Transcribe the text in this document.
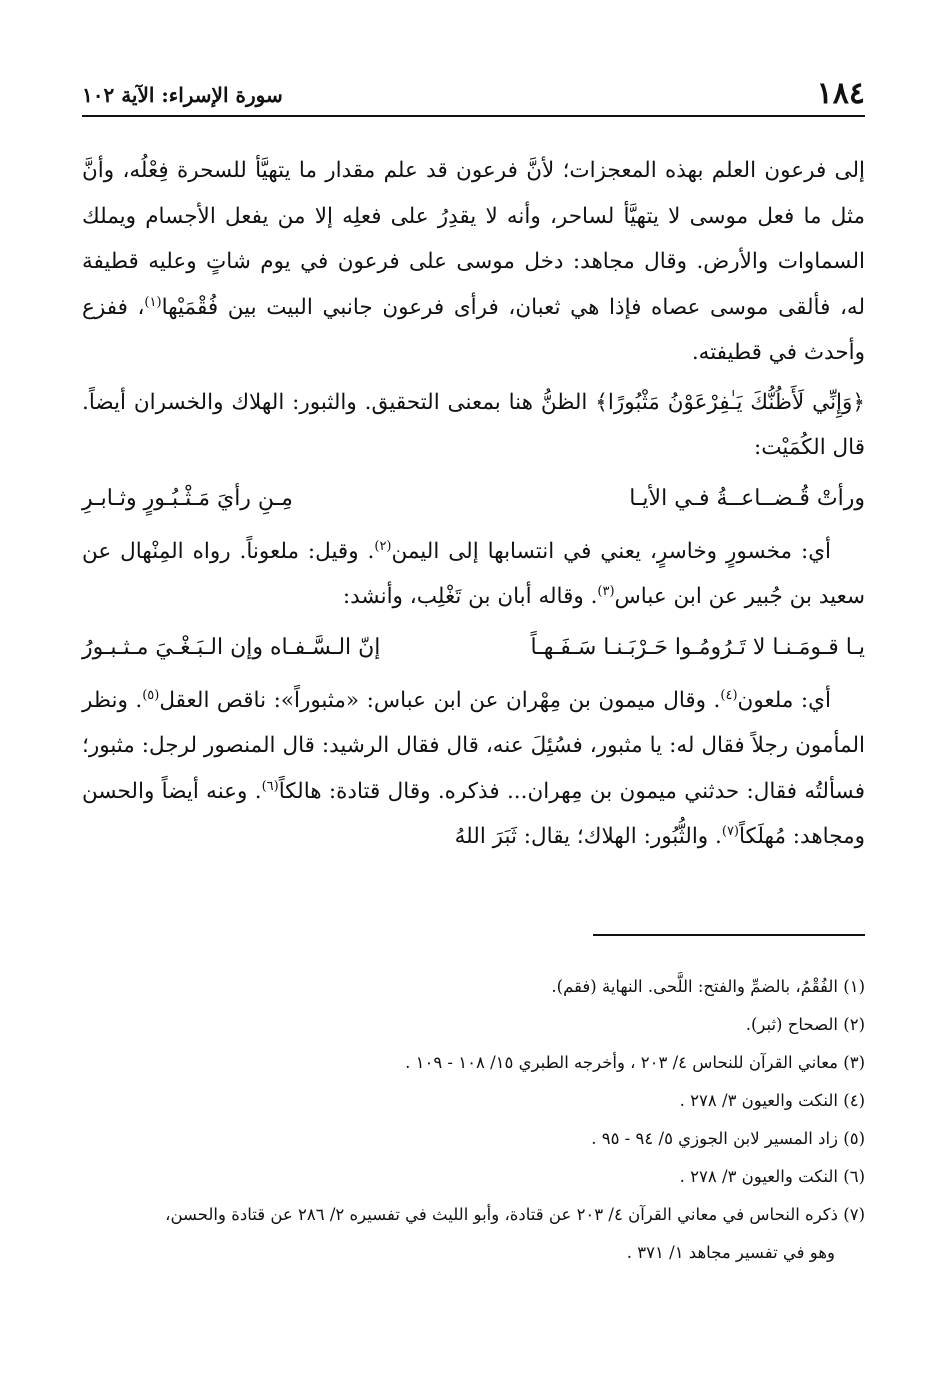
١٨٤
سورة الإسراء: الآية ١٠٢

إلى فرعون العلم بهذه المعجزات؛ لأنَّ فرعون قد علم مقدار ما يتهيَّأ للسحرة فِعْلُه، وأنَّ مثل ما فعل موسى لا يتهيَّأ لساحر، وأنه لا يقدِرُ على فعلِه إلا من يفعل الأجسام ويملك السماوات والأرض. وقال مجاهد: دخل موسى على فرعون في يوم شاتٍ وعليه قطيفة له، فألقى موسى عصاه فإذا هي ثعبان، فرأى فرعون جانبي البيت بين فُقْمَيْها$^{(١)}$، ففزع وأحدث في قطيفته.

﴿وَإِنِّي لَأَظُنُّكَ يَـٰفِرْعَوْنُ مَثْبُورًا﴾ الظنُّ هنا بمعنى التحقيق. والثبور: الهلاك والخسران أيضاً. قال الكُمَيْت:

ورأتْ قُـضــاعــةُ فـي الأيـا
مِـنِ رأيَ مَـثْـبُـورٍ وثـابـرِ

أي: مخسورٍ وخاسرٍ، يعني في انتسابها إلى اليمن$^{(٢)}$. وقيل: ملعوناً. رواه المِنْهال عن سعيد بن جُبير عن ابن عباس$^{(٣)}$. وقاله أبان بن تَغْلِب، وأنشد:

يـا قـومَـنـا لا تَـرُومُـوا حَـرْبَـنـا سَـفَـهـاً
إنّ الـسَّـفـاه وإن الـبَـغْـيَ مـثـبـورُ

أي: ملعون$^{(٤)}$. وقال ميمون بن مِهْران عن ابن عباس: «مثبوراً»: ناقص العقل$^{(٥)}$. ونظر المأمون رجلاً فقال له: يا مثبور، فسُئِلَ عنه، قال فقال الرشيد: قال المنصور لرجل: مثبور؛ فسألتُه فقال: حدثني ميمون بن مِهران... فذكره. وقال قتادة: هالكاً$^{(٦)}$. وعنه أيضاً والحسن ومجاهد: مُهلَكاً$^{(٧)}$. والثُّبُور: الهلاك؛ يقال: ثَبَرَ اللهُ

(١) الفُقْمُ، بالضمِّ والفتح: اللَّحى. النهاية (فقم).

(٢) الصحاح (ثبر).

(٣) معاني القرآن للنحاس ٤/ ٢٠٣ ، وأخرجه الطبري ١٥/ ١٠٨ - ١٠٩ .

(٤) النكت والعيون ٣/ ٢٧٨ .

(٥) زاد المسير لابن الجوزي ٥/ ٩٤ - ٩٥ .

(٦) النكت والعيون ٣/ ٢٧٨ .

(٧) ذكره النحاس في معاني القرآن ٤/ ٢٠٣ عن قتادة، وأبو الليث في تفسيره ٢/ ٢٨٦ عن قتادة والحسن،

وهو في تفسير مجاهد ١/ ٣٧١ .
